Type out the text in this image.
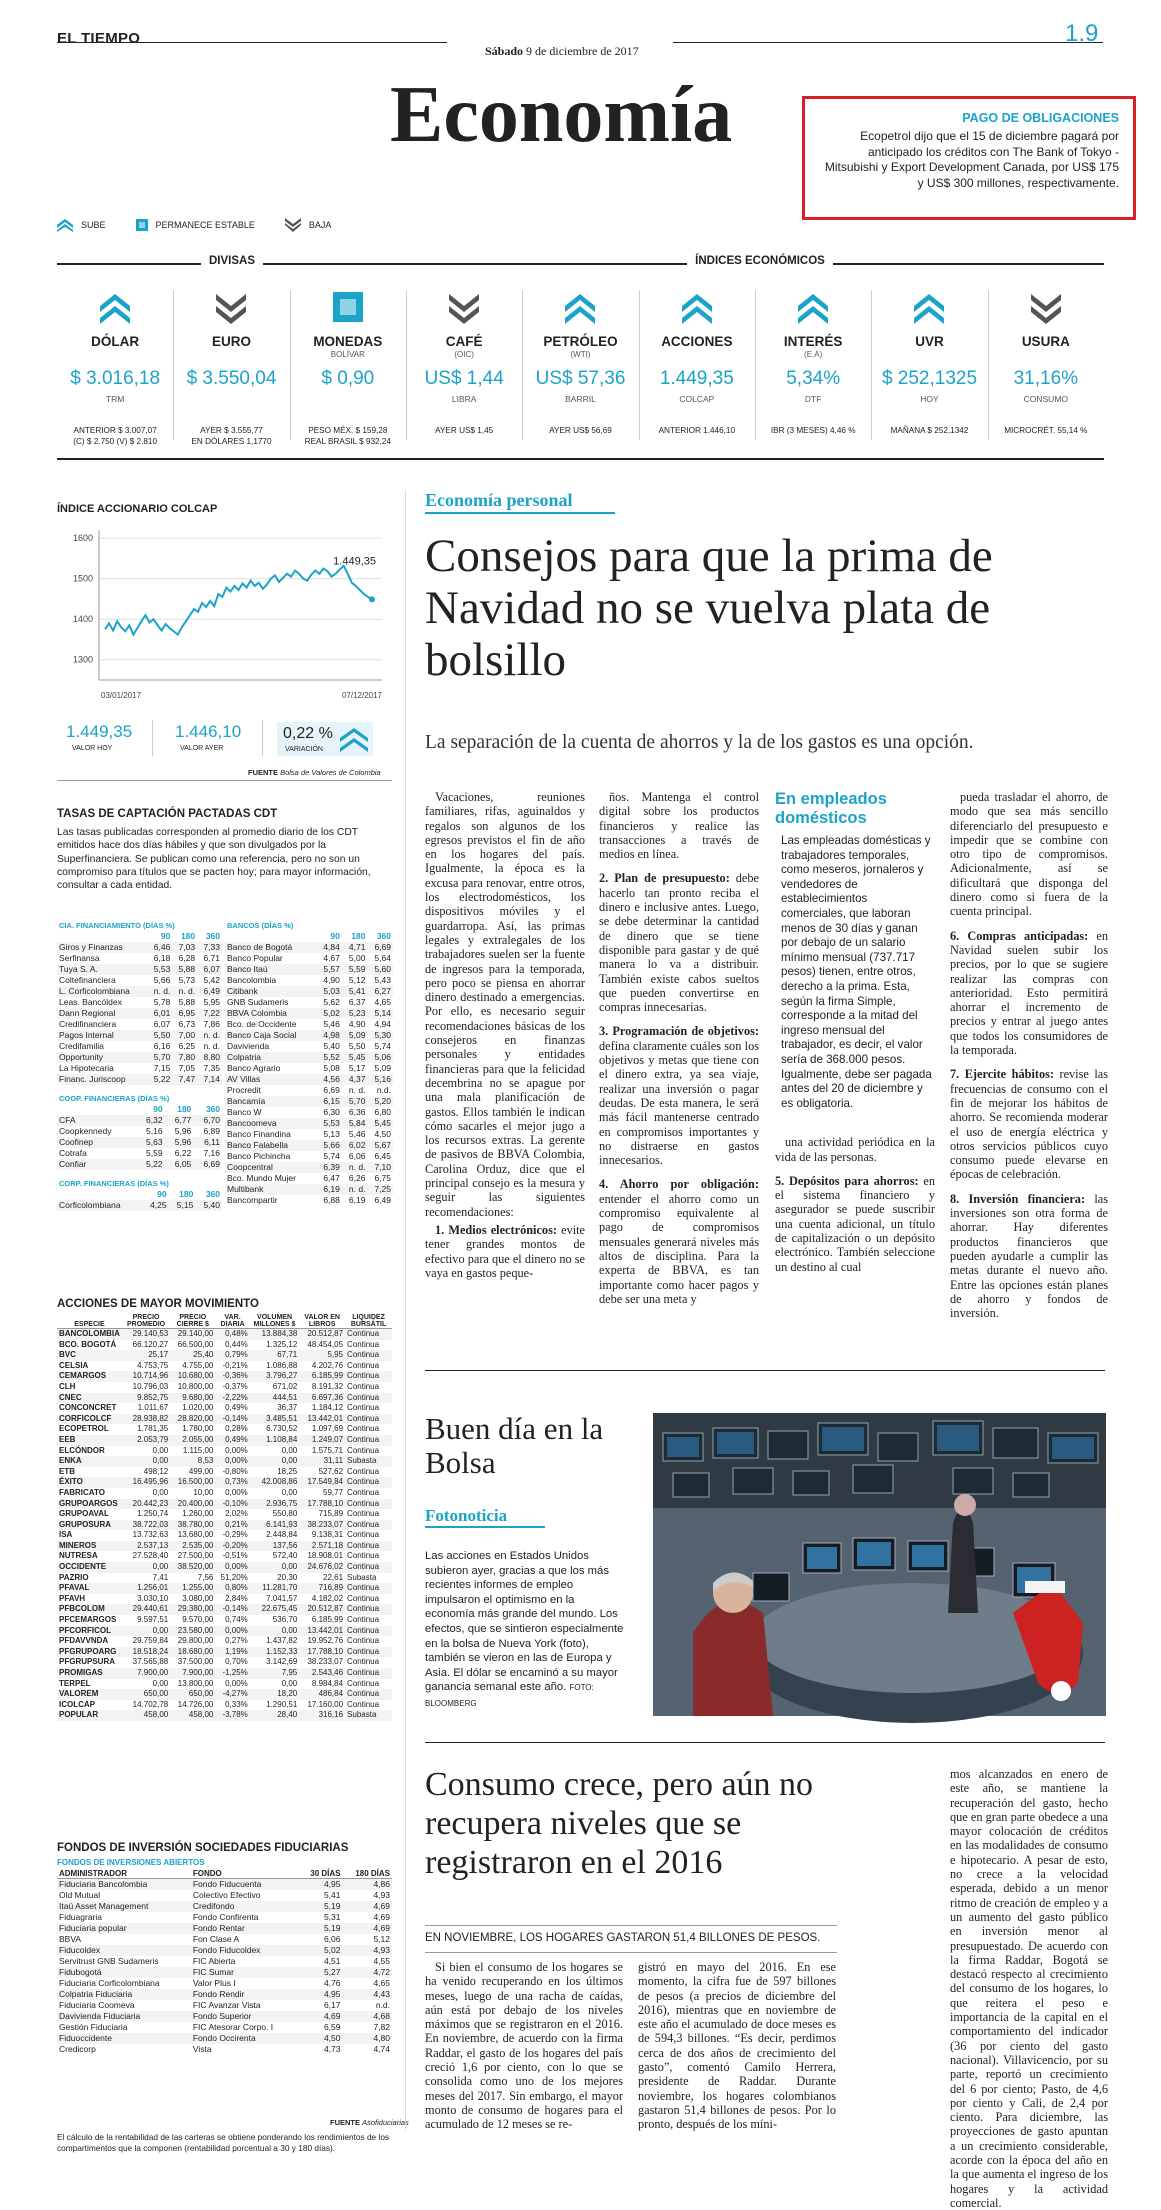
EL TIEMPO
Sábado 9 de diciembre de 2017
1.9
Economía	PAGO DE OBLIGACIONES
Ecopetrol dijo que el 15 de diciembre pagará por anticipado los créditos con The Bank of Tokyo - Mitsubishi y Export Development Canada, por US$ 175 y US$ 300 millones, respectivamente.
SUBE	PERMANECE ESTABLE	BAJA
DIVISAS	ÍNDICES ECONÓMICOS
DÓLAR
$ 3.016,18
TRM
ANTERIOR $ 3.007,07
(C) $ 2.750 (V) $ 2.810
EURO
$ 3.550,04
AYER $ 3.555,77
EN DÓLARES 1,1770
MONEDAS
BOLÍVAR
$ 0,90
PESO MÉX. $ 159,28
REAL BRASIL $ 932,24
CAFÉ
(OIC)
US$ 1,44
LIBRA
AYER US$ 1,45
PETRÓLEO
(WTI)
US$ 57,36
BARRIL
AYER US$ 56,69
ACCIONES
1.449,35
COLCAP
ANTERIOR 1.446,10
INTERÉS
(E.A)
5,34%
DTF
IBR (3 MESES) 4,46 %
UVR
$ 252,1325
HOY
MAÑANA $ 252,1342
USURA
31,16%
CONSUMO
MICROCRÉT. 55,14 %
ÍNDICE ACCIONARIO COLCAP
1600
1500
1400
1300
1.449,35
03/01/2017	07/12/2017
1.449,35
VALOR HOY
1.446,10
VALOR AYER
0,22 %
VARIACIÓN
FUENTE Bolsa de Valores de Colombia
TASAS DE CAPTACIÓN PACTADAS CDT
Las tasas publicadas corresponden al promedio diario de los CDT emitidos hace dos días hábiles y que son divulgados por la Superfinanciera. Se publican como una referencia, pero no son un compromiso para títulos que se pacten hoy; para mayor información, consultar a cada entidad.
CIA. FINANCIAMIENTO (DÍAS %)			
	90	180	360
Giros y Finanzas	6,46	7,03	7,33
Serfinansa	6,18	6,28	6,71
Tuya S. A.	5,53	5,88	6,07
Coltefinanciera	5,66	5,73	5,42
L. Corficolombiana	n. d.	n. d.	6,49
Leas. Bancóldex	5,78	5,88	5,95
Dann Regional	6,01	6,95	7,22
Credifinanciera	6,07	6,73	7,86
Pagos Internal	5,50	7,00	n. d.
Credifamilia	6,16	6,25	n. d.
Opportunity	5,70	7,80	8,80
La Hipotecaria	7,15	7,05	7,35
Financ. Juriscoop	5,22	7,47	7,14
COOP. FINANCIERAS (DÍAS %)			
	90	180	360
CFA	6,32	6,77	6,70
Coopkennedy	5,16	5,96	6,89
Coofinep	5,63	5,96	6,11
Cotrafa	5,59	6,22	7,16
Confiar	5,22	6,05	6,69
CORP. FINANCIERAS (DÍAS %)			
	90	180	360
Corficolombiana	4,25	5,15	5,40
BANCOS (DÍAS %)			
	90	180	360
Banco de Bogotá	4,84	4,71	6,69
Banco Popular	4,67	5,00	5,64
Banco Itaú	5,57	5,59	5,60
Bancolombia	4,90	5,12	5,43
Citibank	5,03	5,41	6,27
GNB Sudameris	5,62	6,37	4,65
BBVA Colombia	5,02	5,23	5,14
Bco. de Occidente	5,46	4,90	4,94
Banco Caja Social	4,98	5,09	5,30
Davivienda	5,40	5,50	5,74
Colpatria	5,52	5,45	5,06
Banco Agrario	5,08	5,17	5,09
AV Villas	4,56	4,37	5,16
Procredit	6,69	n. d.	n.d.
Bancamía	6,15	5,70	5,20
Banco W	6,30	6,36	6,80
Bancoomeva	5,53	5,84	5,45
Banco Finandina	5,13	5,46	4,50
Banco Falabella	5,66	6,02	5,67
Banco Pichincha	5,74	6,06	6,45
Coopcentral	6,39	n. d.	7,10
Bco. Mundo Mujer	6,47	6,26	6,75
Multibank	6,19	n. d.	7,25
Bancompartir	6,88	6,19	6,49
ACCIONES DE MAYOR MOVIMIENTO
ESPECIE	PRECIO PROMEDIO	PRECIO CIERRE $	VAR. DIARIA	VOLUMEN MILLONES $	VALOR EN LIBROS	LIQUIDEZ BURSÁTIL
BANCOLOMBIA	29.140,53	29.140,00	0,48%	13.884,38	20.512,87	Continua
BCO. BOGOTÁ	66.120,27	66.500,00	0,44%	1.325,12	48.454,05	Continua
BVC	25,17	25,40	0,79%	67,71	5,95	Continua
CELSIA	4.753,75	4.755,00	-0,21%	1.086,88	4.202,76	Continua
CEMARGOS	10.714,96	10.680,00	-0,36%	3.796,27	6.185,99	Continua
CLH	10.796,03	10.800,00	-0,37%	671,02	8.191,32	Continua
CNEC	9.852,75	9.680,00	-2,22%	444,51	6.697,36	Continua
CONCONCRET	1.011,67	1.020,00	0,49%	36,37	1.184,12	Continua
CORFICOLCF	28.938,82	28.820,00	-0,14%	3.485,51	13.442,01	Continua
ECOPETROL	1.781,35	1.780,00	0,28%	6.730,52	1.097,69	Continua
EEB	2.053,79	2.055,00	0,49%	1.108,84	1.249,07	Continua
ELCÓNDOR	0,00	1.115,00	0,00%	0,00	1.575,71	Continua
ENKA	0,00	8,53	0,00%	0,00	31,11	Subasta
ETB	498,12	499,00	-0,80%	18,25	527,62	Continua
ÉXITO	16.495,96	16.500,00	0,73%	42.008,86	17.549,84	Continua
FABRICATO	0,00	10,00	0,00%	0,00	59,77	Continua
GRUPOARGOS	20.442,23	20.400,00	-0,10%	2.936,75	17.788,10	Continua
GRUPOAVAL	1.250,74	1.260,00	2,02%	550,80	715,89	Continua
GRUPOSURA	38.722,03	38.780,00	0,21%	6.141,93	38.233,07	Continua
ISA	13.732,63	13.680,00	-0,29%	2.448,84	9.138,31	Continua
MINEROS	2.537,13	2.535,00	-0,20%	137,56	2.571,18	Continua
NUTRESA	27.528,40	27.500,00	-0,51%	572,40	18.908,01	Continua
OCCIDENTE	0,00	38.520,00	0,00%	0,00	24.676,02	Continua
PAZRIO	7,41	7,56	51,20%	20,30	22,61	Subasta
PFAVAL	1.256,01	1.255,00	0,80%	11.281,70	716,89	Continua
PFAVH	3.030,10	3.080,00	2,84%	7.041,57	4.182,02	Continua
PFBCOLOM	29.440,61	29.380,00	-0,14%	22.675,45	20.512,87	Continua
PFCEMARGOS	9.597,51	9.570,00	0,74%	536,70	6.185,99	Continua
PFCORFICOL	0,00	23.580,00	0,00%	0,00	13.442,01	Continua
PFDAVVNDA	29.759,84	29.800,00	0,27%	1.437,82	19.952,76	Continua
PFGRUPOARG	18.518,24	18.680,00	1,19%	1.152,33	17.788,10	Continua
PFGRUPSURA	37.565,88	37.500,00	0,70%	3.142,69	38.233,07	Continua
PROMIGAS	7.900,00	7.900,00	-1,25%	7,95	2.543,46	Continua
TERPEL	0,00	13.800,00	0,00%	0,00	8.984,84	Continua
VALOREM	650,00	650,00	-4,27%	18,20	486,84	Continua
ICOLCAP	14.702,78	14.726,00	0,33%	1.290,51	17.160,00	Continua
POPULAR	458,00	458,00	-3,78%	28,40	316,16	Subasta
FONDOS DE INVERSIÓN SOCIEDADES FIDUCIARIAS
FONDOS DE INVERSIONES ABIERTOS
ADMINISTRADOR	FONDO	30 DÍAS	180 DÍAS
Fiduciaria Bancolombia	Fondo Fiducuenta	4,95	4,86
Old Mutual	Colectivo Efectivo	5,41	4,93
Itaú Asset Management	Credifondo	5,19	4,69
Fiduagraria	Fondo Confirenta	5,31	4,69
Fiduciaria popular	Fondo Rentar	5,19	4,69
BBVA	Fon Clase A	6,06	5,12
Fiducoldex	Fondo Fiducoldex	5,02	4,93
Servitrust GNB Sudameris	FIC Abierta	4,51	4,55
Fidubogotá	FIC Sumar	5,27	4,72
Fiduciaria Corficolombiana	Valor Plus I	4,76	4,65
Colpatria Fiduciaria	Fondo Rendir	4,95	4,43
Fiduciaria Coomeva	FIC Avanzar Vista	6,17	n.d.
Davivienda Fiduciaria	Fondo Superior	4,69	4,68
Gestión Fiduciaria	FIC Atesorar Corpo. I	6,59	7,82
Fiduoccidente	Fondo Occirenta	4,50	4,80
Credicorp	Vista	4,73	4,74
FUENTE Asofiduciarias
El cálculo de la rentabilidad de las carteras se obtiene ponderando los rendimientos de los compartimentos que la componen (rentabilidad porcentual a 30 y 180 días).
Economía personal
Consejos para que la prima de Navidad no se vuelva plata de bolsillo
La separación de la cuenta de ahorros y la de los gastos es una opción.

Vacaciones, reuniones familiares, rifas, aguinaldos y regalos son algunos de los egresos previstos el fin de año en los hogares del país. Igualmente, la época es la excusa para renovar, entre otros, los electrodomésticos, los dispositivos móviles y el guardarropa. Así, las primas legales y extralegales de los trabajadores suelen ser la fuente de ingresos para la temporada, pero poco se piensa en ahorrar dinero destinado a emergencias. Por ello, es necesario seguir recomendaciones básicas de los consejeros en finanzas personales y entidades financieras para que la felicidad decembrina no se apague por una mala planificación de gastos. Ellos también le indican cómo sacarles el mejor jugo a los recursos extras. La gerente de pasivos de BBVA Colombia, Carolina Orduz, dice que el principal consejo es la mesura y seguir las siguientes recomendaciones:

1. Medios electrónicos: evite tener grandes montos de efectivo para que el dinero no se vaya en gastos peque-

ños. Mantenga el control digital sobre los productos financieros y realice las transacciones a través de medios en línea.

2. Plan de presupuesto: debe hacerlo tan pronto reciba el dinero e inclusive antes. Luego, se debe determinar la cantidad de dinero que se tiene disponible para gastar y de qué manera lo va a distribuir. También existe cabos sueltos que pueden convertirse en compras innecesarias.

3. Programación de objetivos: defina claramente cuáles son los objetivos y metas que tiene con el dinero extra, ya sea viaje, realizar una inversión o pagar deudas. De esta manera, le será más fácil mantenerse centrado en compromisos importantes y no distraerse en gastos innecesarios.

4. Ahorro por obligación: entender el ahorro como un compromiso equivalente al pago de compromisos mensuales generará niveles más altos de disciplina. Para la experta de BBVA, es tan importante como hacer pagos y debe ser una meta y

En empleados domésticos
Las empleadas domésticas y trabajadores temporales, como meseros, jornaleros y vendedores de establecimientos comerciales, que laboran menos de 30 días y ganan por debajo de un salario mínimo mensual (737.717 pesos) tienen, entre otros, derecho a la prima. Esta, según la firma Simple, corresponde a la mitad del ingreso mensual del trabajador, es decir, el valor sería de 368.000 pesos. Igualmente, debe ser pagada antes del 20 de diciembre y es obligatoria.

una actividad periódica en la vida de las personas.

5. Depósitos para ahorros: en el sistema financiero y asegurador se puede suscribir una cuenta adicional, un título de capitalización o un depósito electrónico. También seleccione un destino al cual

pueda trasladar el ahorro, de modo que sea más sencillo diferenciarlo del presupuesto e impedir que se combine con otro tipo de compromisos. Adicionalmente, así se dificultará que disponga del dinero como si fuera de la cuenta principal.

6. Compras anticipadas: en Navidad suelen subir los precios, por lo que se sugiere realizar las compras con anterioridad. Esto permitirá ahorrar el incremento de precios y entrar al juego antes que todos los consumidores de la temporada.

7. Ejercite hábitos: revise las frecuencias de consumo con el fin de mejorar los hábitos de ahorro. Se recomienda moderar el uso de energía eléctrica y otros servicios públicos cuyo consumo puede elevarse en épocas de celebración.

8. Inversión financiera: las inversiones son otra forma de ahorrar. Hay diferentes productos financieros que pueden ayudarle a cumplir las metas durante el nuevo año. Entre las opciones están planes de ahorro y fondos de inversión.

Buen día en la Bolsa
Fotonoticia
Las acciones en Estados Unidos subieron ayer, gracias a que los más recientes informes de empleo impulsaron el optimismo en la economía más grande del mundo. Los efectos, que se sintieron especialmente en la bolsa de Nueva York (foto), también se vieron en las de Europa y Asia. El dólar se encaminó a su mayor ganancia semanal este año. FOTO: BLOOMBERG
Consumo crece, pero aún no recupera niveles que se registraron en el 2016
EN NOVIEMBRE, LOS HOGARES GASTARON 51,4 BILLONES DE PESOS.

Si bien el consumo de los hogares se ha venido recuperando en los últimos meses, luego de una racha de caídas, aún está por debajo de los niveles máximos que se registraron en el 2016. En noviembre, de acuerdo con la firma Raddar, el gasto de los hogares del país creció 1,6 por ciento, con lo que se consolida como uno de los mejores meses del 2017. Sin embargo, el mayor monto de consumo de hogares para el acumulado de 12 meses se re-

gistró en mayo del 2016. En ese momento, la cifra fue de 597 billones de pesos (a precios de diciembre del 2016), mientras que en noviembre de este año el acumulado de doce meses es de 594,3 billones. “Es decir, perdimos cerca de dos años de crecimiento del gasto”, comentó Camilo Herrera, presidente de Raddar. Durante noviembre, los hogares colombianos gastaron 51,4 billones de pesos. Por lo pronto, después de los míni-

mos alcanzados en enero de este año, se mantiene la recuperación del gasto, hecho que en gran parte obedece a una mayor colocación de créditos en las modalidades de consumo e hipotecario. A pesar de esto, no crece a la velocidad esperada, debido a un menor ritmo de creación de empleo y a un aumento del gasto público en inversión menor al presupuestado. De acuerdo con la firma Raddar, Bogotá se destacó respecto al crecimiento del consumo de los hogares, lo que reitera el peso e importancia de la capital en el comportamiento del indicador (36 por ciento del gasto nacional). Villavicencio, por su parte, reportó un crecimiento del 6 por ciento; Pasto, de 4,6 por ciento y Cali, de 2,4 por ciento. Para diciembre, las proyecciones de gasto apuntan a un crecimiento considerable, acorde con la época del año en la que aumenta el ingreso de los hogares y la actividad comercial.
